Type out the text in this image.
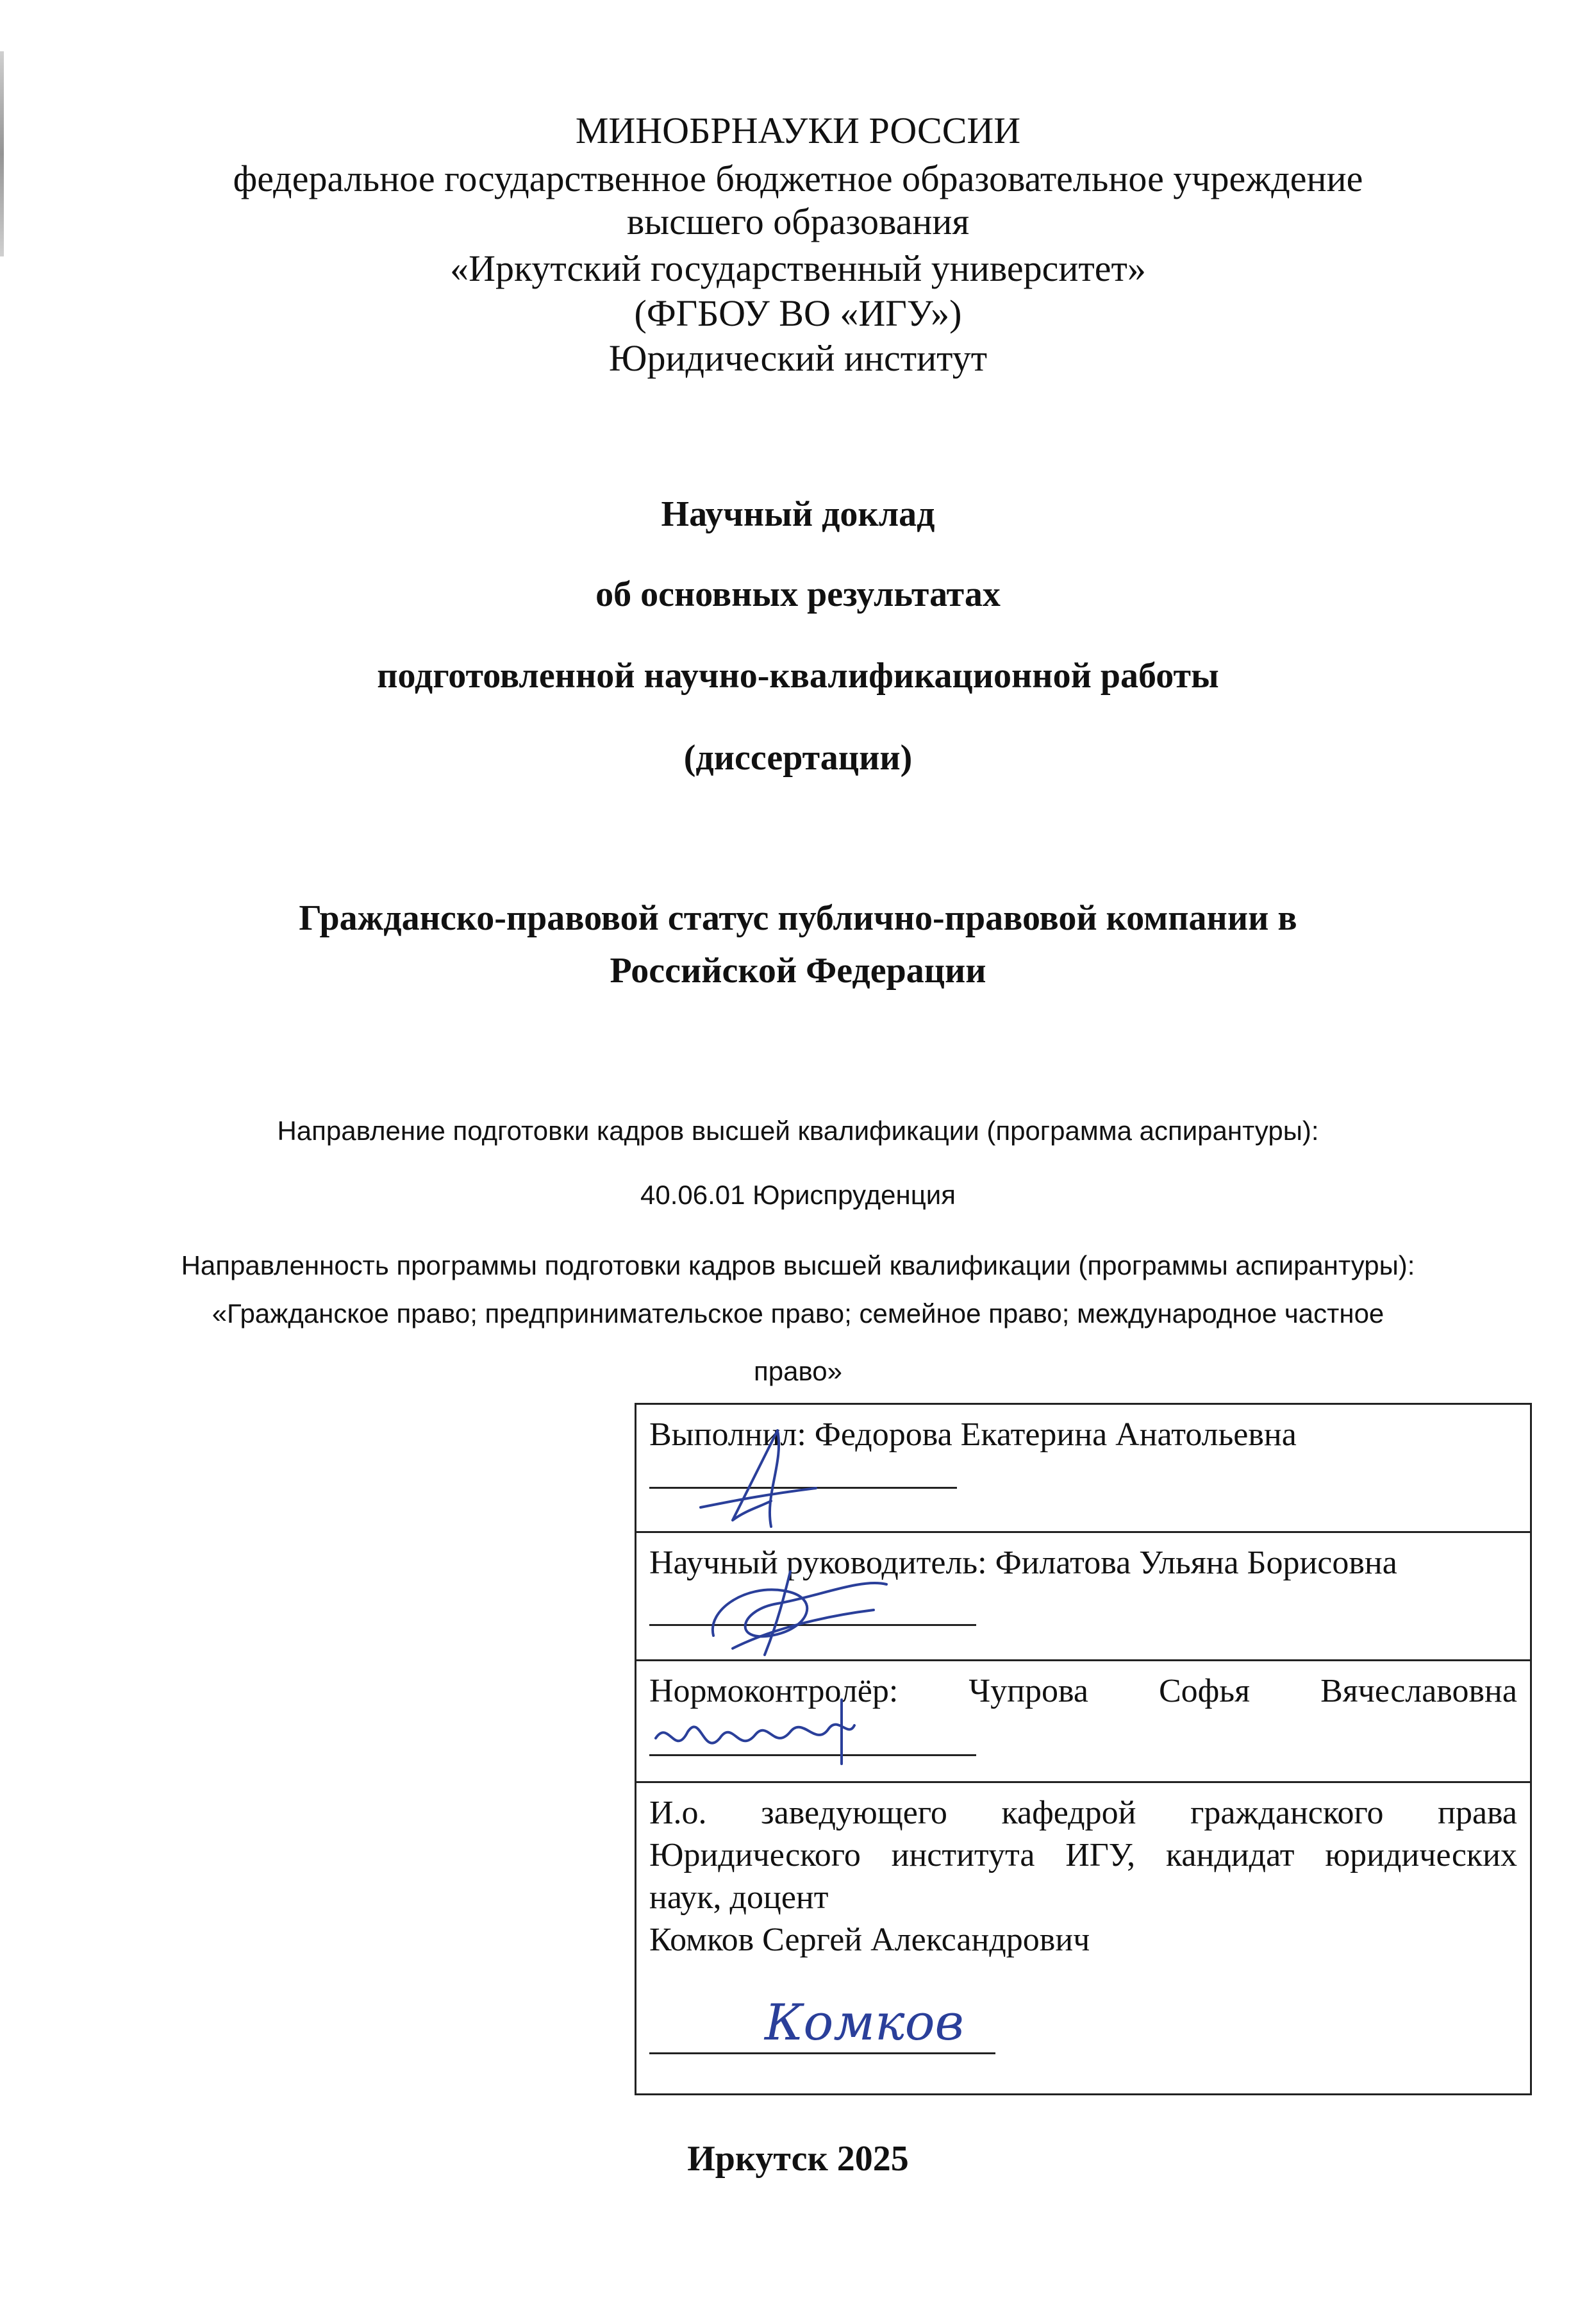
МИНОБРНАУКИ РОССИИ
федеральное государственное бюджетное образовательное учреждение
высшего образования
«Иркутский государственный университет»
(ФГБОУ ВО «ИГУ»)
Юридический институт
Научный доклад
об основных результатах
подготовленной научно-квалификационной работы
(диссертации)
Гражданско-правовой статус публично-правовой компании в
Российской Федерации
Направление подготовки кадров высшей квалификации (программа аспирантуры):
40.06.01 Юриспруденция
Направленность программы подготовки кадров высшей квалификации (программы аспирантуры):
«Гражданское право; предпринимательское право; семейное право; международное частное
право»
Выполнил: Федорова Екатерина Анатольевна
Научный руководитель: Филатова Ульяна Борисовна
Нормоконтролёр: Чупрова Софья Вячеславовна
И.о. заведующего кафедрой гражданского права
Юридического института ИГУ, кандидат юридических
наук, доцент
Комков Сергей Александрович
Комков
Иркутск 2025
